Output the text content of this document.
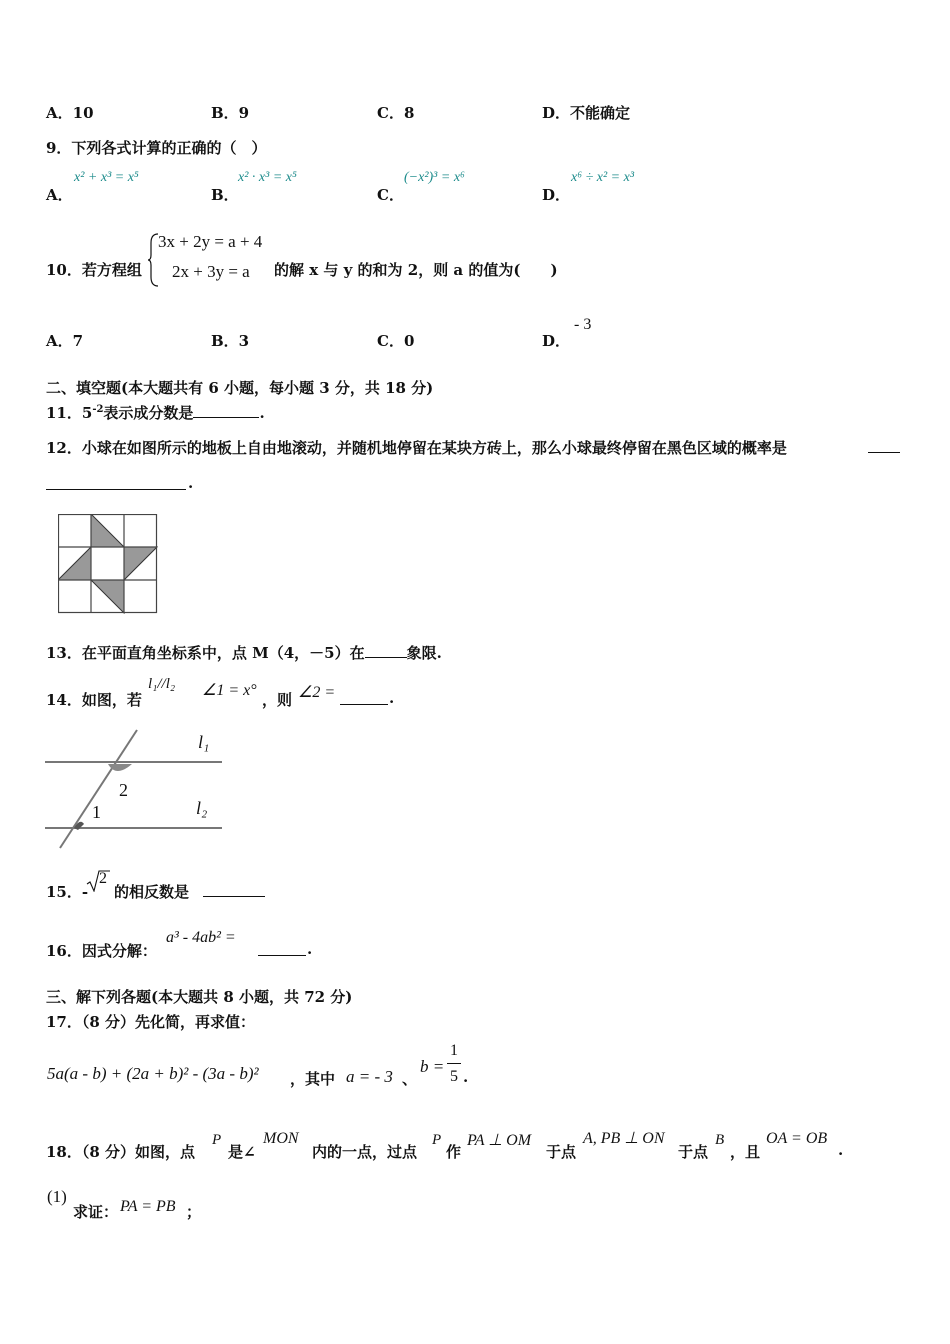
A．10	B．9	C．8	D．不能确定
9．下列各式计算的正确的（　）
A．
x² + x³ = x⁵
B．
x² · x³ = x⁵
C．
(−x²)³ = x⁶
D．
x⁶ ÷ x² = x³
10．若方程组
3x + 2y = a + 4
2x + 3y = a 的解 x 与 y 的和为 2，则 a 的值为(　　)
A．7	B．3	C．0	D．
- 3
二、填空题(本大题共有 6 小题，每小题 3 分，共 18 分)
11．$5^{-2}$表示成分数是	.
12．小球在如图所示的地板上自由地滚动，并随机地停留在某块方砖上，那么小球最终停留在黑色区域的概率是
.
13．在平面直角坐标系中，点 M（4，－5）在	象限.
14．如图，若
l₁//l₂ ∠1 = x°
，则 ∠2 =	.
l₁
l₂
2
1
15．-
2
的相反数是
16．因式分解：
a³ - 4ab² =
.
三、解下列各题(本大题共 8 小题，共 72 分)
17．（8 分）先化简，再求值：
5a(a - b) + (2a + b)² - (3a - b)² ，其中 a = - 3 、
b =
1
5 .
18．（8 分）如图，点
P
是∠
MON
内的一点，过点
P
作
PA ⊥ OM
于点
A, PB ⊥ ON
于点
B
，且
OA = OB
.
(1)
求证： PA = PB ；
